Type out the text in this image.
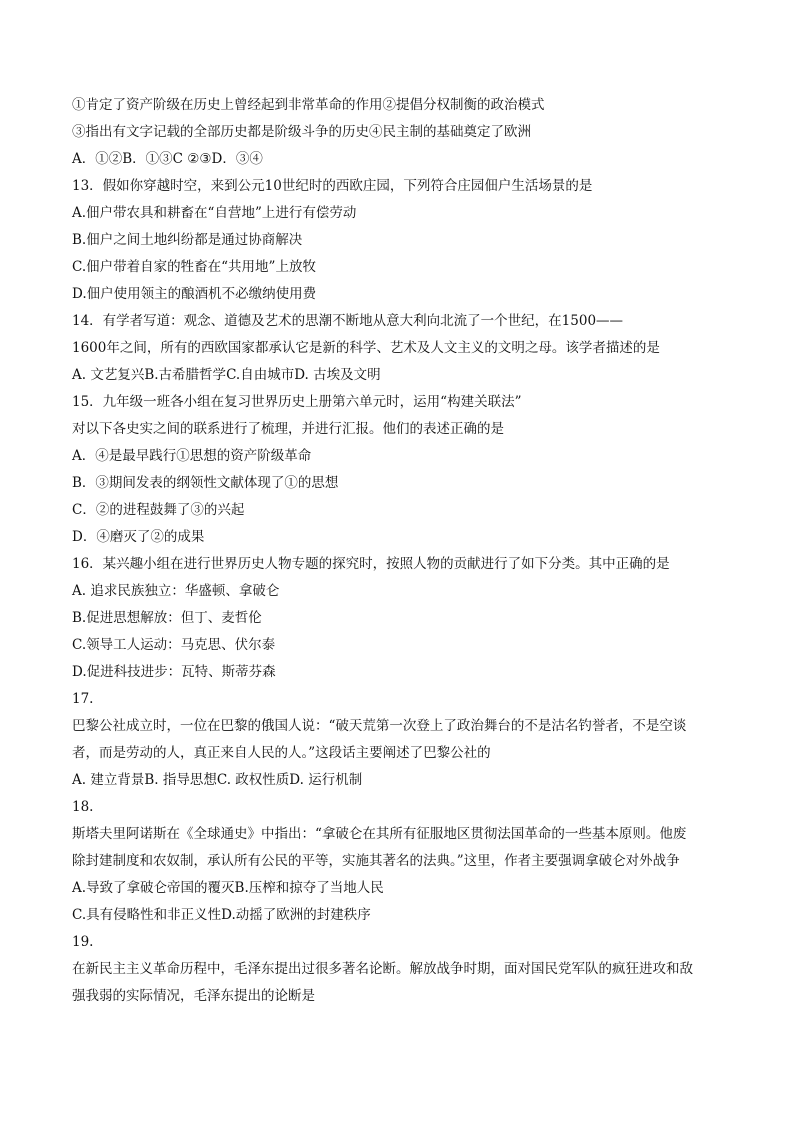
①肯定了资产阶级在历史上曾经起到非常革命的作用②提倡分权制衡的政治模式
③指出有文字记载的全部历史都是阶级斗争的历史④民主制的基础奠定了欧洲
A．①② B．①③ C ②③ D．③④
13．假如你穿越时空，来到公元10世纪时的西欧庄园，下列符合庄园佃户生活场景的是
A.佃户带农具和耕畜在“自营地”上进行有偿劳动
B.佃户之间土地纠纷都是通过协商解决
C.佃户带着自家的牲畜在“共用地”上放牧
D.佃户使用领主的酿酒机不必缴纳使用费
14．有学者写道：观念、道德及艺术的思潮不断地从意大利向北流了一个世纪，在1500——
1600年之间，所有的西欧国家都承认它是新的科学、艺术及人文主义的文明之母。该学者描述的是
A. 文艺复兴 B.古希腊哲学 C.自由城市 D. 古埃及文明
15．九年级一班各小组在复习世界历史上册第六单元时，运用“构建关联法”
对以下各史实之间的联系进行了梳理，并进行汇报。他们的表述正确的是
A．④是最早践行①思想的资产阶级革命
B．③期间发表的纲领性文献体现了①的思想
C．②的进程鼓舞了③的兴起
D．④磨灭了②的成果
16．某兴趣小组在进行世界历史人物专题的探究时，按照人物的贡献进行了如下分类。其中正确的是
A. 追求民族独立：华盛顿、拿破仑
B.促进思想解放：但丁、麦哲伦
C.领导工人运动：马克思、伏尔泰
D.促进科技进步：瓦特、斯蒂芬森
17.
巴黎公社成立时，一位在巴黎的俄国人说：“破天荒第一次登上了政治舞台的不是沽名钓誉者，不是空谈
者，而是劳动的人，真正来自人民的人。”这段话主要阐述了巴黎公社的
A. 建立背景 B. 指导思想 C. 政权性质 D. 运行机制
18.
斯塔夫里阿诺斯在《全球通史》中指出：“拿破仑在其所有征服地区贯彻法国革命的一些基本原则。他废
除封建制度和农奴制，承认所有公民的平等，实施其著名的法典。”这里，作者主要强调拿破仑对外战争
A.导致了拿破仑帝国的覆灭 B.压榨和掠夺了当地人民
C.具有侵略性和非正义性 D.动摇了欧洲的封建秩序
19.
在新民主主义革命历程中，毛泽东提出过很多著名论断。解放战争时期，面对国民党军队的疯狂进攻和敌
强我弱的实际情况，毛泽东提出的论断是
